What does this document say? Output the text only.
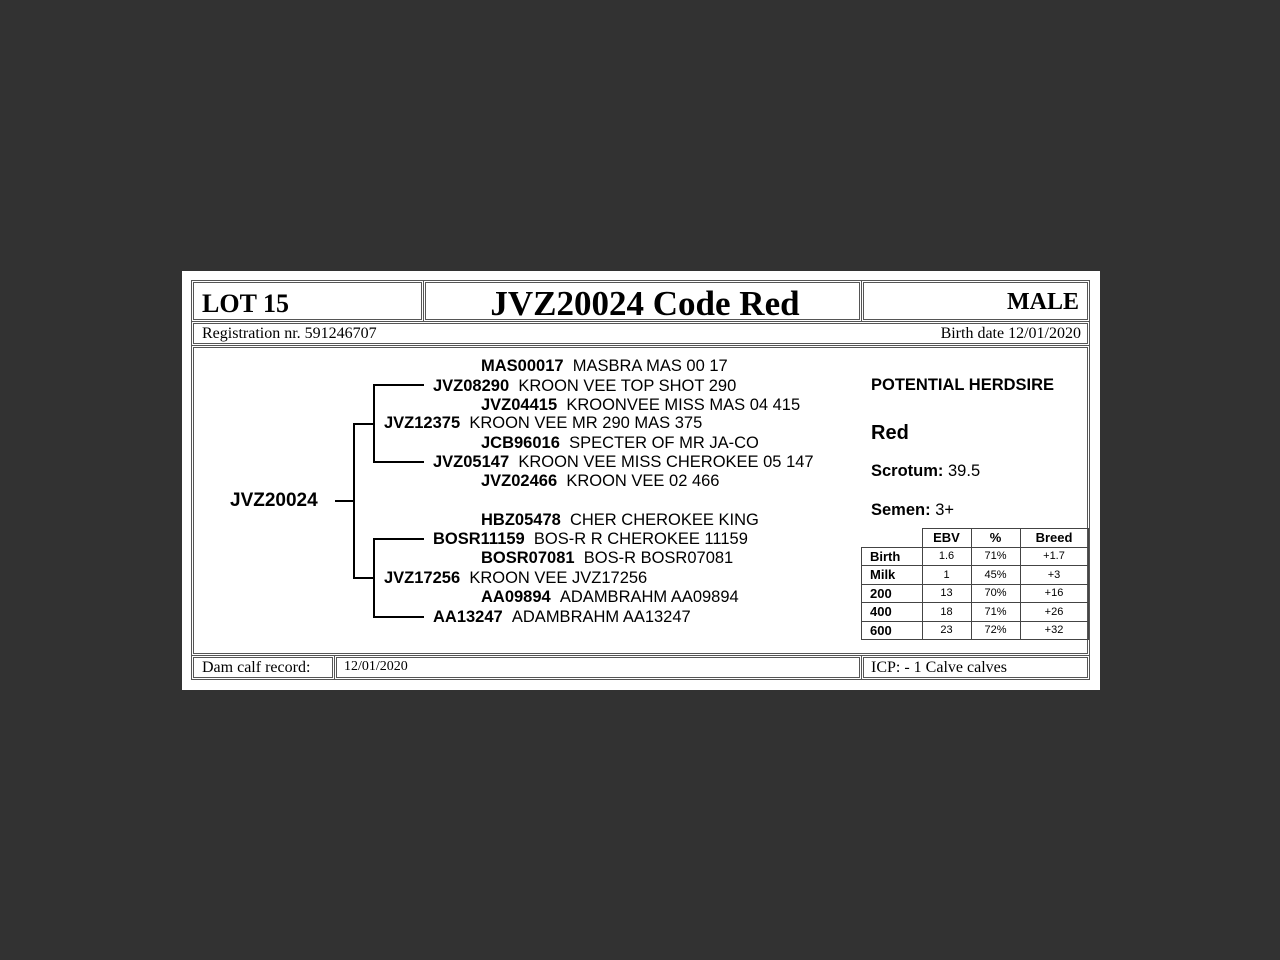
LOT 15	JVZ20024 Code Red	MALE
Registration nr. 591246707	Birth date 12/01/2020
JVZ20024
MAS00017 MASBRA MAS 00 17
JVZ08290 KROON VEE TOP SHOT 290
JVZ04415 KROONVEE MISS MAS 04 415
JVZ12375 KROON VEE MR 290 MAS 375
JCB96016 SPECTER OF MR JA-CO
JVZ05147 KROON VEE MISS CHEROKEE 05 147
JVZ02466 KROON VEE 02 466
HBZ05478 CHER CHEROKEE KING
BOSR11159 BOS-R R CHEROKEE 11159
BOSR07081 BOS-R BOSR07081
JVZ17256 KROON VEE JVZ17256
AA09894 ADAMBRAHM AA09894
AA13247 ADAMBRAHM AA13247
POTENTIAL HERDSIRE
Red
Scrotum: 39.5
Semen: 3+
	EBV	%	Breed
Birth	1.6	71%	+1.7
Milk	1	45%	+3
200	13	70%	+16
400	18	71%	+26
600	23	72%	+32
Dam calf record: 12/01/2020	ICP: - 1 Calve calves
